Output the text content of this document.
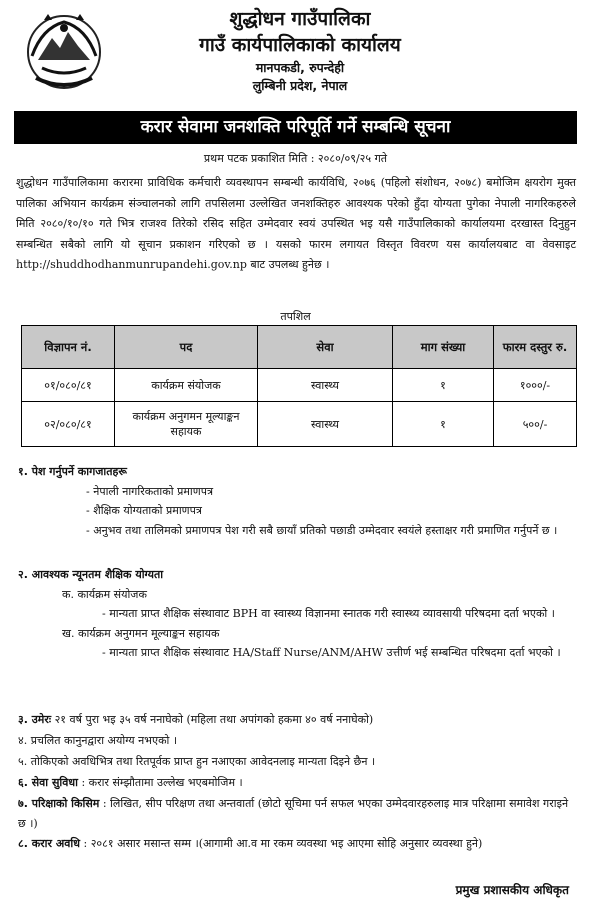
शुद्धोधन गाउँपालिका
गाउँ कार्यपालिकाको कार्यालय
मानपकडी, रुपन्देही
लुम्बिनी प्रदेश, नेपाल
करार सेवामा जनशक्ति परिपूर्ति गर्ने सम्बन्धि सूचना
प्रथम पटक प्रकाशित मिति : २०८०/०९/२५ गते
शुद्धोधन गाउँपालिकामा करारमा प्राविधिक कर्मचारी व्यवस्थापन सम्बन्धी कार्यविधि, २०७६ (पहिलो संशोधन, २०७८) बमोजिम क्षयरोग मुक्त पालिका अभियान कार्यक्रम संञ्चालनको लागि तपसिलमा उल्लेखित जनशक्तिहरु आवश्यक परेको हुँदा योग्यता पुगेका नेपाली नागरिकहरुले मिति २०८०/१०/१० गते भित्र राजश्व तिरेको रसिद सहित उम्मेदवार स्वयं उपस्थित भइ यसै गाउँपालिकाको कार्यालयमा दरखास्त दिनुहुन सम्बन्धित सबैको लागि यो सूचान प्रकाशन गरिएको छ । यसको फारम लगायत विस्तृत विवरण यस कार्यालयबाट वा वेवसाइट http://shuddhodhanmunrupandehi.gov.np बाट उपलब्ध हुनेछ ।
तपशिल
विज्ञापन नं.	पद	सेवा	माग संख्या	फारम दस्तुर रु.
०१/०८०/८१	कार्यक्रम संयोजक	स्वास्थ्य	१	१०००/-
०२/०८०/८१	कार्यक्रम अनुगमन मूल्याङ्कन सहायक	स्वास्थ्य	१	५००/-
१. पेश गर्नुपर्ने कागजातहरू
- नेपाली नागरिकताको प्रमाणपत्र
- शैक्षिक योग्यताको प्रमाणपत्र
- अनुभव तथा तालिमको प्रमाणपत्र पेश गरी सबै छायाँ प्रतिको पछाडी उम्मेदवार स्वयंले हस्ताक्षर गरी प्रमाणित गर्नुपर्ने छ ।
२. आवश्यक न्यूनतम शैक्षिक योग्यता
क. कार्यक्रम संयोजक
- मान्यता प्राप्त शैक्षिक संस्थावाट BPH वा स्वास्थ्य विज्ञानमा स्नातक गरी स्वास्थ्य व्यावसायी परिषदमा दर्ता भएको ।
ख. कार्यक्रम अनुगमन मूल्याङ्कन सहायक
- मान्यता प्राप्त शैक्षिक संस्थावाट HA/Staff Nurse/ANM/AHW उत्तीर्ण भई सम्बन्धित परिषदमा दर्ता भएको ।
३. उमेरः २१ वर्ष पुरा भइ ३५ वर्ष ननाघेको (महिला तथा अपांगको हकमा ४० वर्ष ननाघेको)
४. प्रचलित कानुनद्वारा अयोग्य नभएको ।
५. तोकिएको अवधिभित्र तथा रितपूर्वक प्राप्त हुन नआएका आवेदनलाइ मान्यता दिइने छैन ।
६. सेवा सुविधा : करार संम्झौतामा उल्लेख भएबमोजिम ।
७. परिक्षाको किसिम : लिखित, सीप परिक्षण तथा अन्तवार्ता (छोटो सूचिमा पर्न सफल भएका उम्मेदवारहरुलाइ मात्र परिक्षामा समावेश गराइने छ ।)
८. करार अवधि : २०८१ असार मसान्त सम्म ।(आगामी आ.व मा रकम व्यवस्था भइ आएमा सोहि अनुसार व्यवस्था हुने)
प्रमुख प्रशासकीय अधिकृत
